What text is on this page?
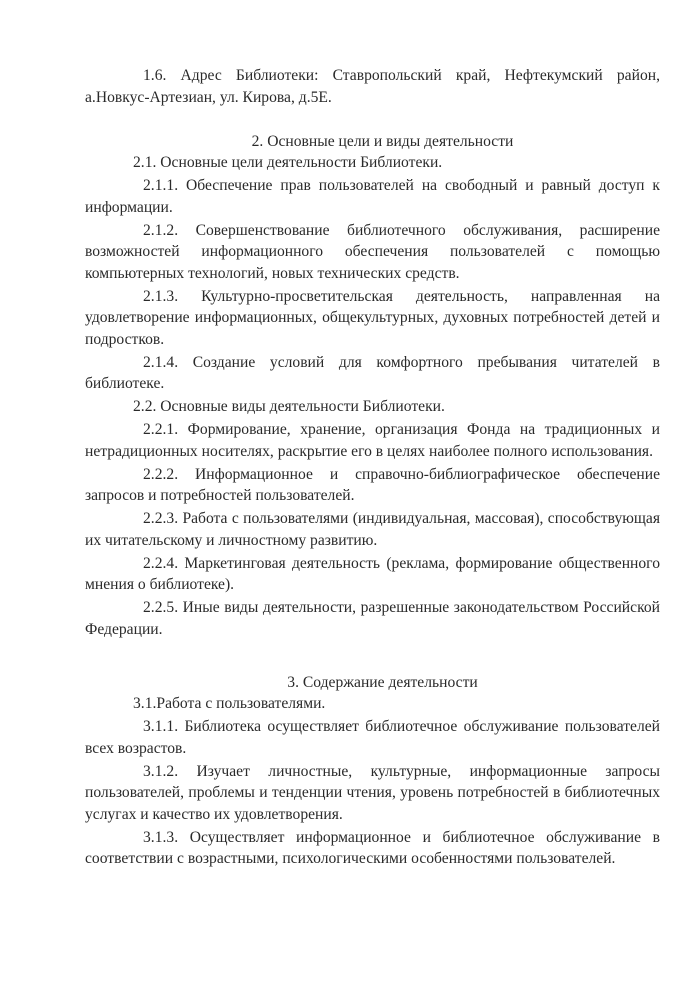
1.6. Адрес Библиотеки: Ставропольский край, Нефтекумский район, а.Новкус-Артезиан, ул. Кирова, д.5Е.

2. Основные цели и виды деятельности

2.1. Основные цели деятельности Библиотеки.

2.1.1. Обеспечение прав пользователей на свободный и равный доступ к информации.

2.1.2. Совершенствование библиотечного обслуживания, расширение возможностей информационного обеспечения пользователей с помощью компьютерных технологий, новых технических средств.

2.1.3. Культурно-просветительская деятельность, направленная на удовлетворение информационных, общекультурных, духовных потребностей детей и подростков.

2.1.4. Создание условий для комфортного пребывания читателей в библиотеке.

2.2. Основные виды деятельности Библиотеки.

2.2.1. Формирование, хранение, организация Фонда на традиционных и нетрадиционных носителях, раскрытие его в целях наиболее полного использования.

2.2.2. Информационное и справочно-библиографическое обеспечение запросов и потребностей пользователей.

2.2.3. Работа с пользователями (индивидуальная, массовая), способствующая их читательскому и личностному развитию.

2.2.4. Маркетинговая деятельность (реклама, формирование общественного мнения о библиотеке).

2.2.5. Иные виды деятельности, разрешенные законодательством Российской Федерации.

3. Содержание деятельности

3.1.Работа с пользователями.

3.1.1. Библиотека осуществляет библиотечное обслуживание пользователей всех возрастов.

3.1.2. Изучает личностные, культурные, информационные запросы пользователей, проблемы и тенденции чтения, уровень потребностей в библиотечных услугах и качество их удовлетворения.

3.1.3. Осуществляет информационное и библиотечное обслуживание в соответствии с возрастными, психологическими особенностями пользователей.
